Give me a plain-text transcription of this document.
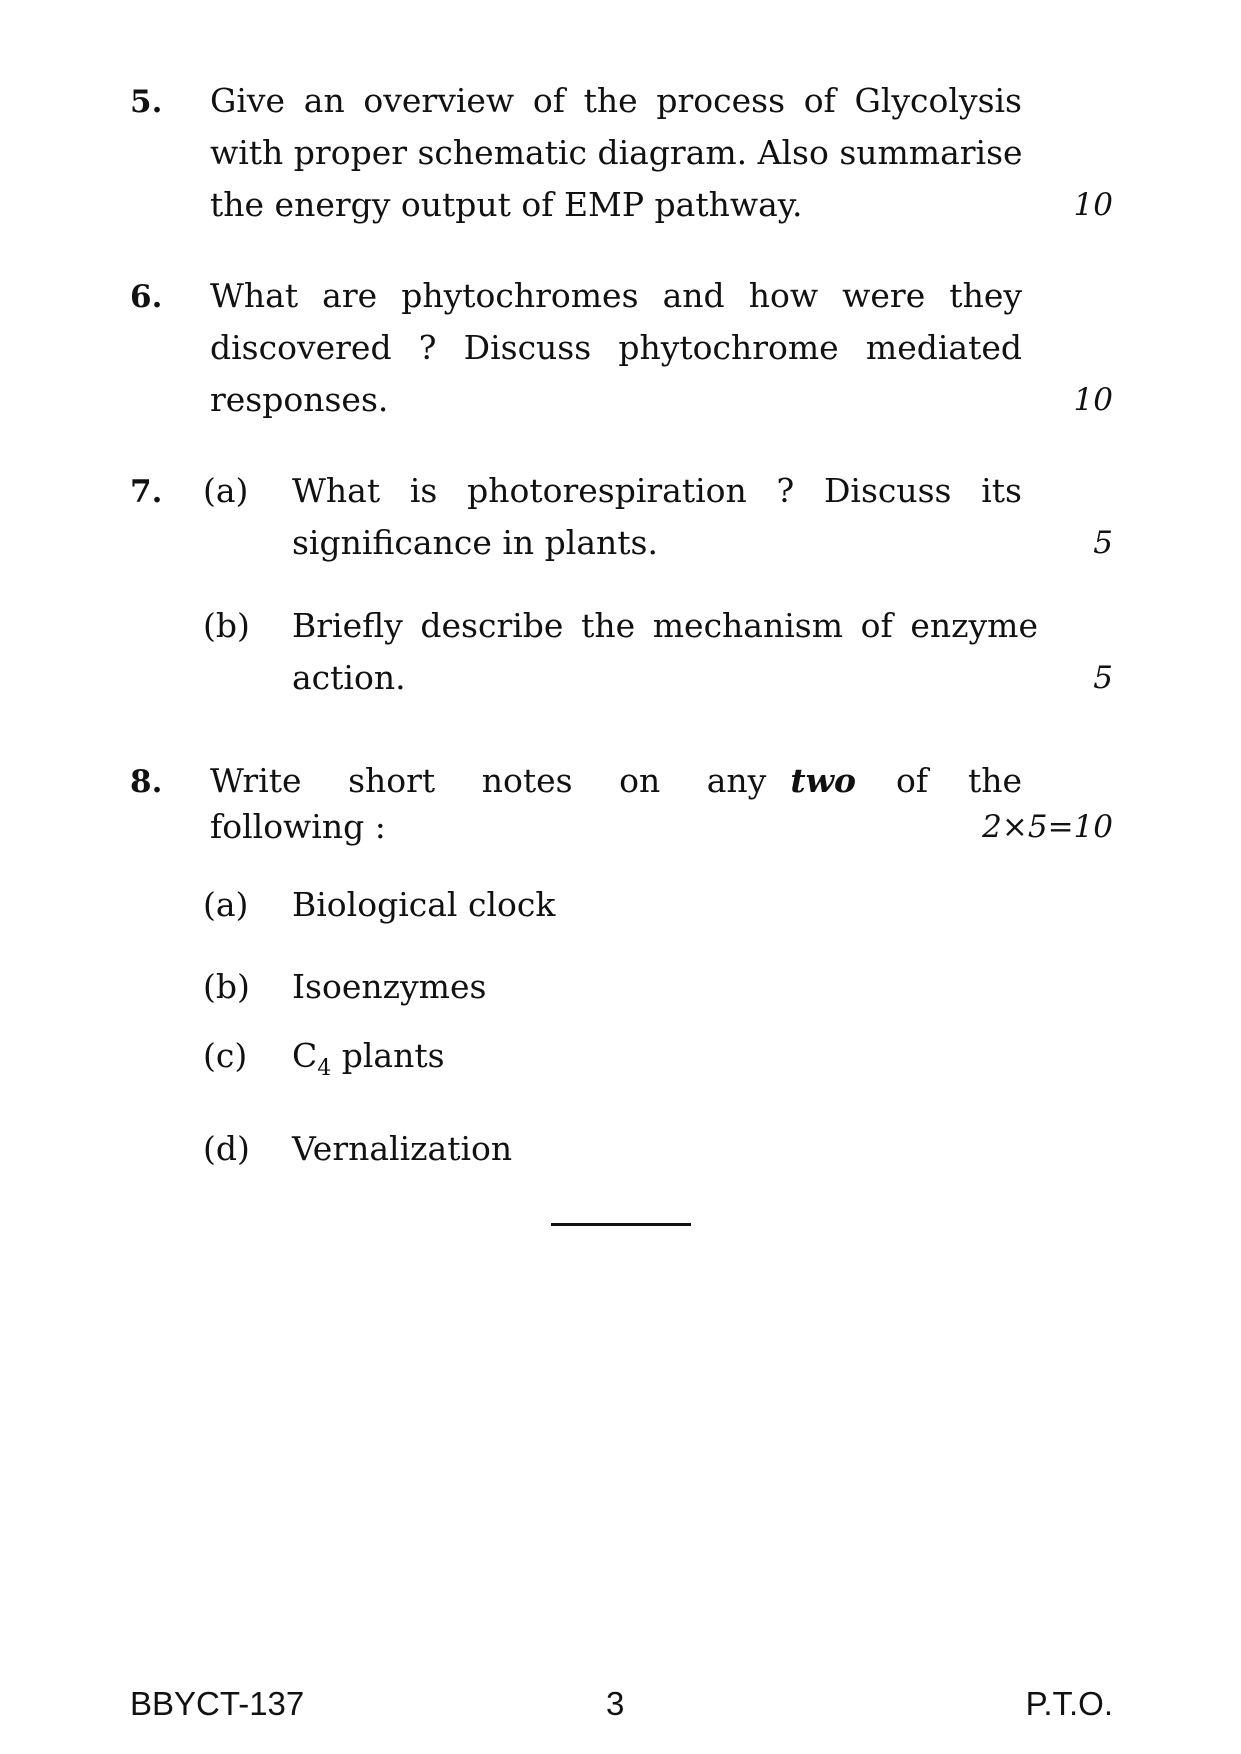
5. Give an overview of the process of Glycolysis
with proper schematic diagram. Also summarise
the energy output of EMP pathway.	10
6. What are phytochromes and how were they
discovered ? Discuss phytochrome mediated
responses.	10
7. (a) What is photorespiration ? Discuss its
significance in plants.	5
(b) Briefly describe the mechanism of enzyme
action.	5
8. Write short notes on any two of the
following :	2×5=10
(a) Biological clock
(b) Isoenzymes
(c) $C_4$ plants
(d) Vernalization
BBYCT-137	3	P.T.O.
